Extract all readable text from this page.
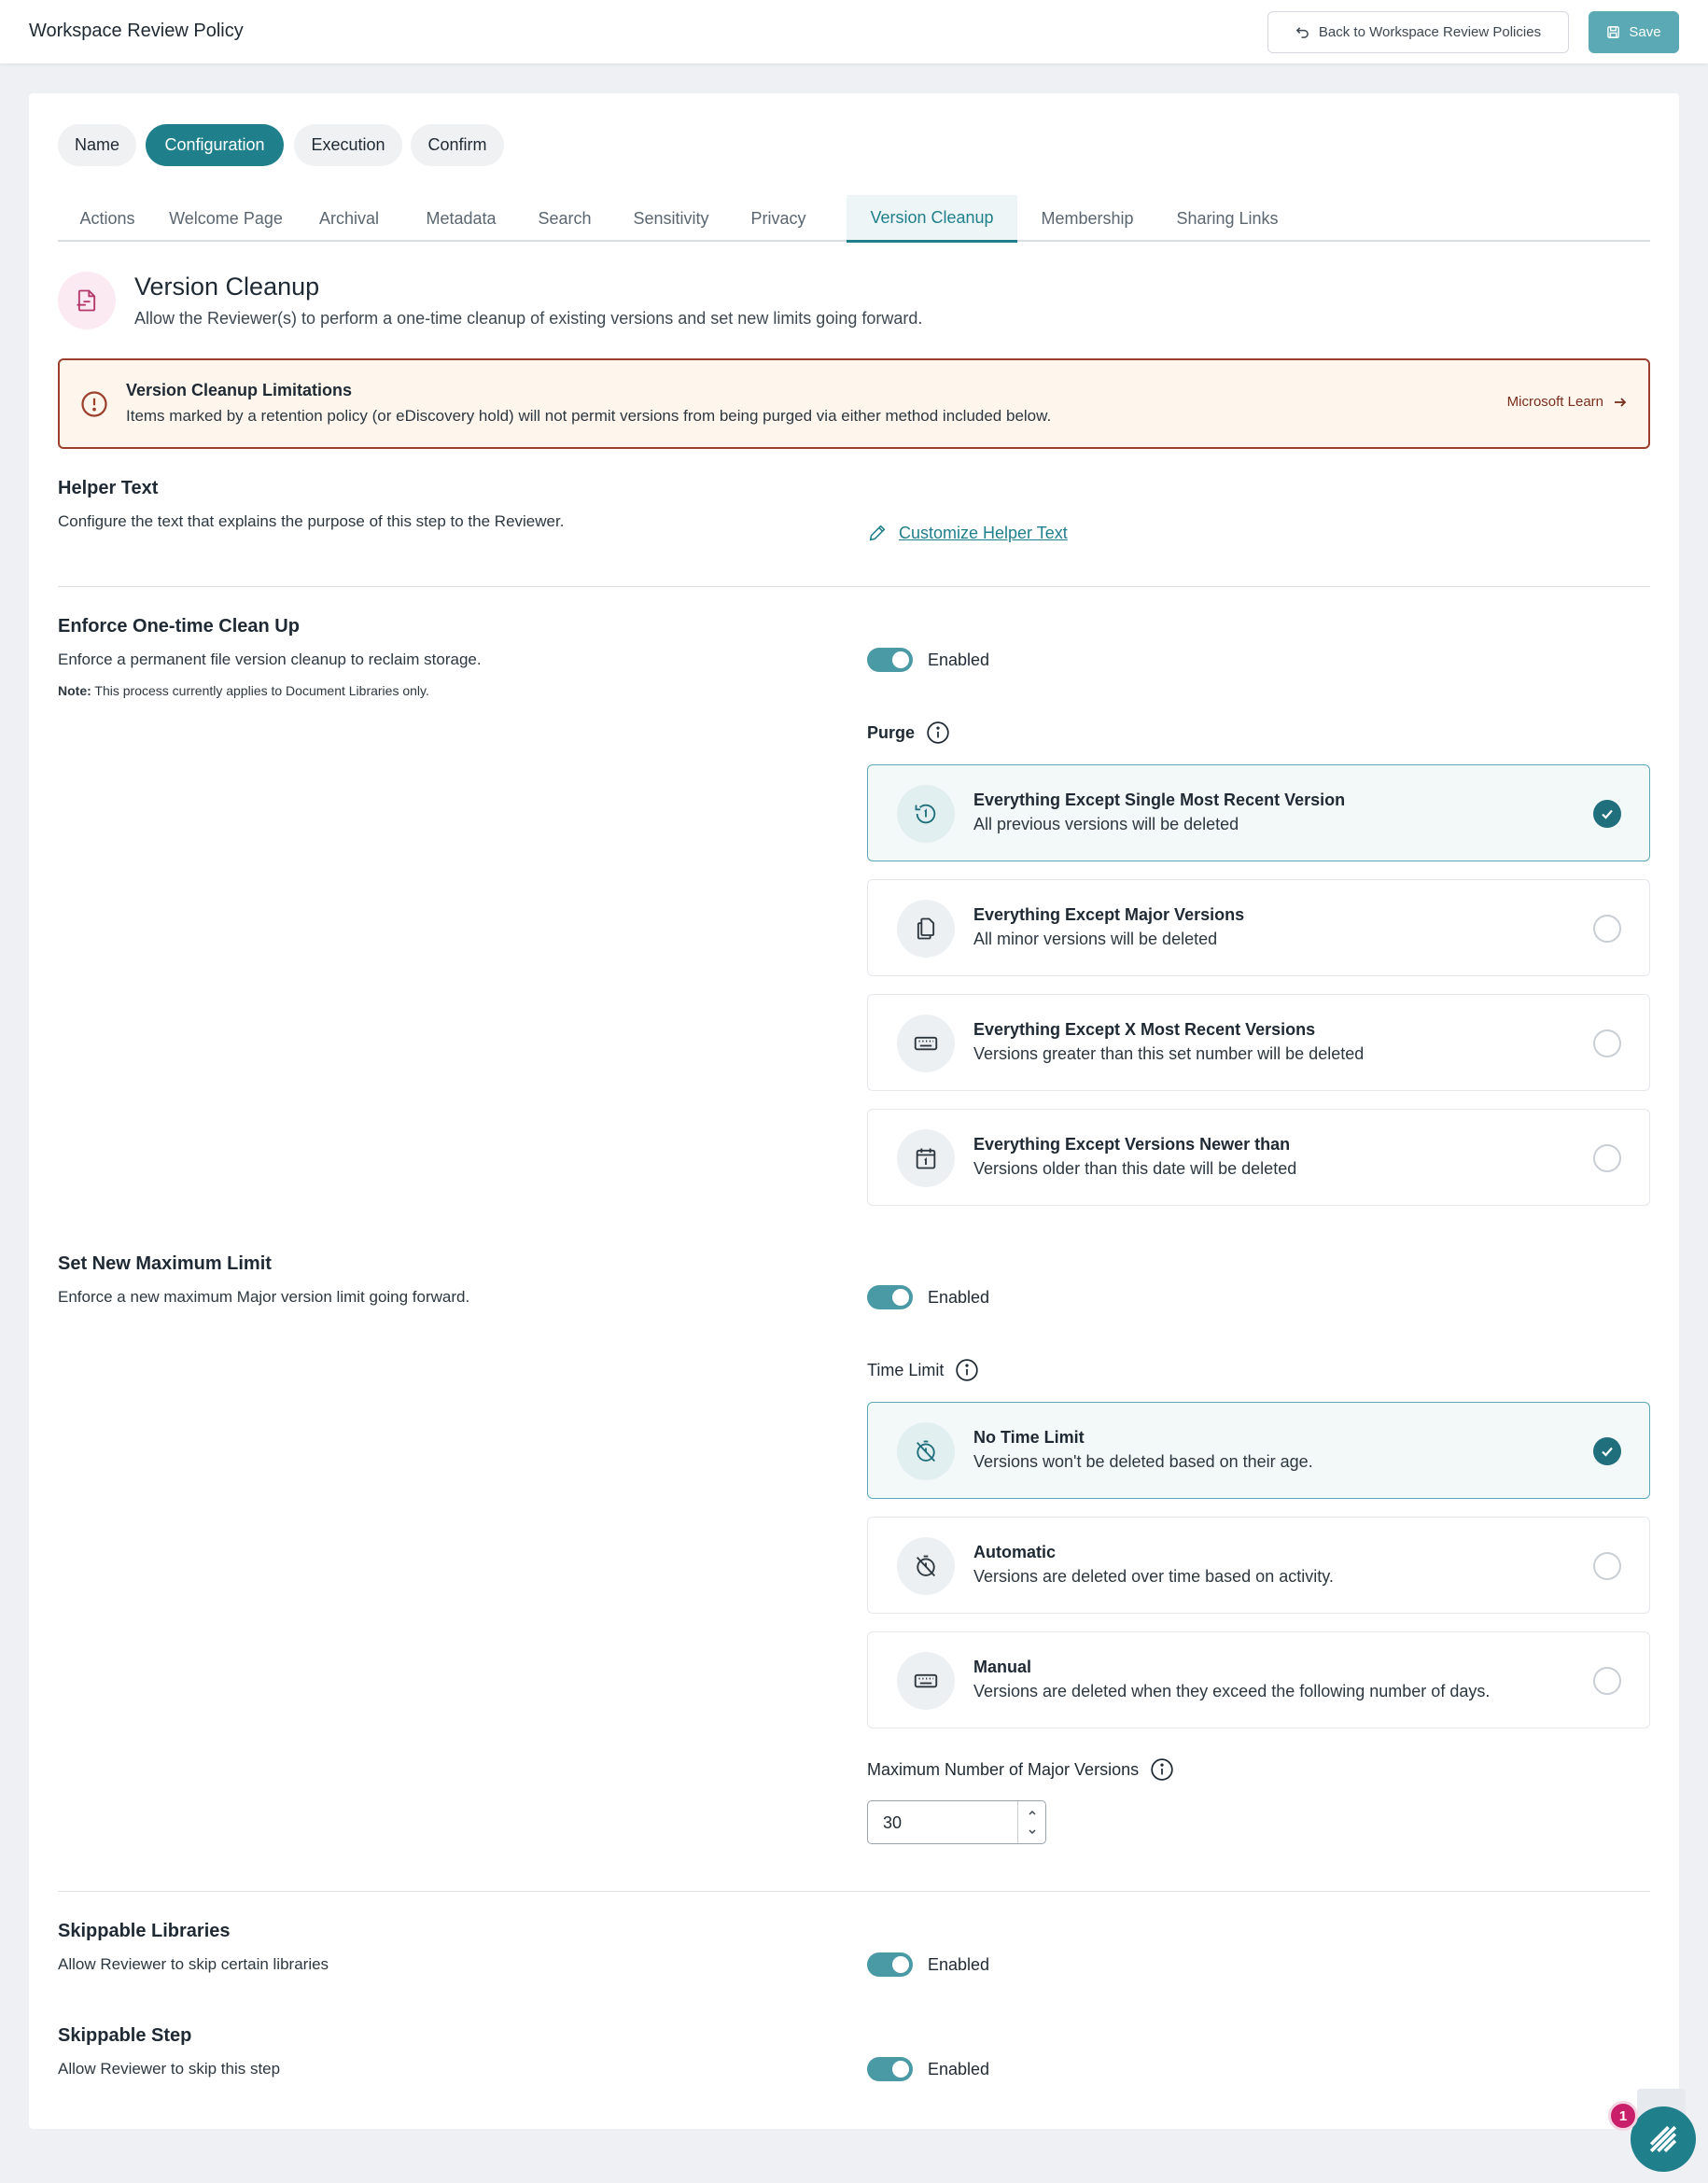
Workspace Review Policy	Back to Workspace Review Policies	Save
Name	Configuration	Execution	Confirm
Actions	Welcome Page	Archival	Metadata	Search	Sensitivity	Privacy	Version Cleanup	Membership	Sharing Links
Version Cleanup
Allow the Reviewer(s) to perform a one-time cleanup of existing versions and set new limits going forward.
Version Cleanup Limitations
Items marked by a retention policy (or eDiscovery hold) will not permit versions from being purged via either method included below.
Microsoft Learn
Helper Text
Configure the text that explains the purpose of this step to the Reviewer.
Customize Helper Text
Enforce One-time Clean Up
Enforce a permanent file version cleanup to reclaim storage.
Note: This process currently applies to Document Libraries only.
Enabled
Purge
Everything Except Single Most Recent Version
All previous versions will be deleted
Everything Except Major Versions
All minor versions will be deleted
Everything Except X Most Recent Versions
Versions greater than this set number will be deleted
Everything Except Versions Newer than
Versions older than this date will be deleted
Set New Maximum Limit
Enforce a new maximum Major version limit going forward.	Enabled
Time Limit
No Time Limit
Versions won't be deleted based on their age.
Automatic
Versions are deleted over time based on activity.
Manual
Versions are deleted when they exceed the following number of days.
Maximum Number of Major Versions
30
Skippable Libraries
Allow Reviewer to skip certain libraries	Enabled
Skippable Step
Allow Reviewer to skip this step	Enabled
1
